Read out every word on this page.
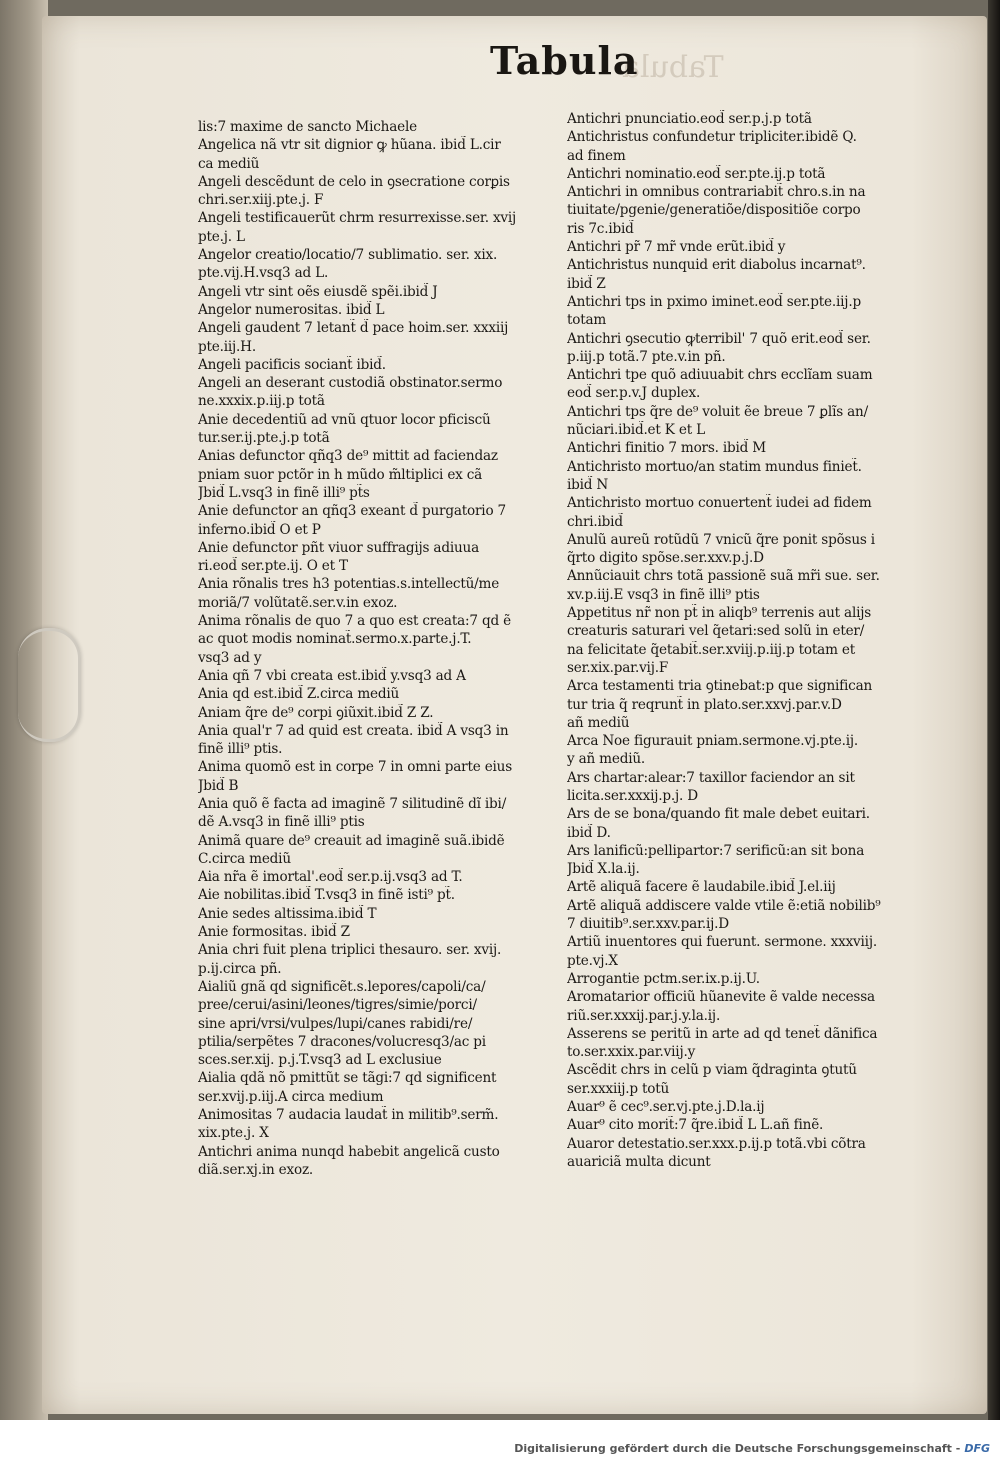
Tabula
Tabula
lis:7 maxime de sancto Michaele
Angelica nã vtr sit dignior ꝙ hũana. ibid̃ L.cir
ca mediũ
Angeli descẽdunt de celo in ꝯsecratione corꝑis
chri.ser.xiij.pte.j. F
Angeli testificauerũt chrm resurrexisse.ser. xvij
pte.j. L
Angelor creatio/locatio/7 sublimatio. ser. xix.
pte.vij.H.vsq3 ad L.
Angeli vtr sint oẽs eiusdẽ spẽi.ibid̃ J
Angelor numerositas. ibid̃ L
Angeli gaudent 7 letant̃ d̃ pace hoim.ser. xxxiij
pte.iij.H.
Angeli pacificis sociant̃ ibid̃.
Angeli an deserant custodiã obstinator.sermo
ne.xxxix.p.iij.p totã
Anie decedentiũ ad vnũ qtuor locor pficiscũ
tur.ser.ij.pte.j.p totã
Anias defunctor qñq3 de⁹ mittit ad faciendaz
pniam suor pctõr in h mũdo m̃ltiplici ex cã
Jbid̃ L.vsq3 in finẽ illi⁹ pt̃s
Anie defunctor an qñq3 exeant d̃ purgatorio 7
inferno.ibid̃ O et P
Anie defunctor pñt viuor suffragijs adiuua
ri.eod̃ ser.pte.ij. O et T
Ania rõnalis tres h3 potentias.s.intellectũ/me
moriã/7 volũtatẽ.ser.v.in exoz.
Anima rõnalis de quo 7 a quo est creata:7 qd ẽ
ac quot modis nominat̃.sermo.x.parte.j.T.
vsq3 ad y
Ania qñ 7 vbi creata est.ibid̃ y.vsq3 ad A
Ania qd est.ibid̃ Z.circa mediũ
Aniam q̃re de⁹ corpi ꝯiũxit.ibid̃ Z Z.
Ania qual'r 7 ad quid est creata. ibid̃ A vsq3 in
finẽ illi⁹ ptis.
Anima quomõ est in corpe 7 in omni parte eius
Jbid̃ B
Ania quõ ẽ facta ad imaginẽ 7 silitudinẽ dĩ ibi/
dẽ A.vsq3 in finẽ illi⁹ ptis
Animã quare de⁹ creauit ad imaginẽ suã.ibidẽ
C.circa mediũ
Aia nr̃a ẽ imortal'.eod̃ ser.p.ij.vsq3 ad T.
Aie nobilitas.ibid̃ T.vsq3 in finẽ isti⁹ pt̃.
Anie sedes altissima.ibid̃ T
Anie formositas. ibid̃ Z
Ania chri fuit plena triplici thesauro. ser. xvij.
p.ij.circa pñ.
Aialiũ gnã qd significẽt.s.lepores/capoli/ca/
pree/cerui/asini/leones/tigres/simie/porci/
sine apri/vrsi/vulpes/lupi/canes rabidi/re/
ptilia/serpẽtes 7 dracones/volucresq3/ac pi
sces.ser.xij. p.j.T.vsq3 ad L exclusiue
Aialia qdã nõ pmittũt se tãgi:7 qd significent
ser.xvij.p.iij.A circa medium
Animositas 7 audacia laudat̃ in militib⁹.serm̃.
xix.pte.j. X
Antichri anima nunqd habebit angelicã custo
diã.ser.xj.in exoz.
Antichri pnunciatio.eod̃ ser.p.j.p totã
Antichristus confundetur tripliciter.ibidẽ Q.
ad finem
Antichri nominatio.eod̃ ser.pte.ij.p totã
Antichri in omnibus contrariabit̃ chro.s.in na
tiuitate/pgenie/generatiõe/dispositiõe corpo
ris 7c.ibid̃
Antichri pr̃ 7 mr̃ vnde erũt.ibid̃ y
Antichristus nunquid erit diabolus incarnat⁹.
ibid̃ Z
Antichri tps in pximo iminet.eod̃ ser.pte.iij.p
totam
Antichri ꝯsecutio ꝙterribil' 7 quõ erit.eod̃ ser.
p.iij.p totã.7 pte.v.in pñ.
Antichri tpe quõ adiuuabit chrs ecclĩam suam
eod̃ ser.p.v.J duplex.
Antichri tps q̃re de⁹ voluit ẽe breue 7 ꝑlĩs an/
nũciari.ibid̃.et K et L
Antichri finitio 7 mors. ibid̃ M
Antichristo mortuo/an statim mundus finiet̃.
ibid̃ N
Antichristo mortuo conuertent̃ iudei ad fidem
chri.ibid̃
Anulũ aureũ rotũdũ 7 vnicũ q̃re ponit spõsus i
q̃rto digito spõse.ser.xxv.p.j.D
Annũciauit chrs totã passionẽ suã mr̃i sue. ser.
xv.p.iij.E vsq3 in finẽ illi⁹ ptis
Appetitus nr̃ non pt̃ in aliqb⁹ terrenis aut alijs
creaturis saturari vel q̃etari:sed solũ in eter/
na felicitate q̃etabit̃.ser.xviij.p.iij.p totam et
ser.xix.par.vij.F
Arca testamenti tria ꝯtinebat:p que significan
tur tria q̃ reqrunt̃ in plato.ser.xxvj.par.v.D
añ mediũ
Arca Noe figurauit pniam.sermone.vj.pte.ij.
y añ mediũ.
Ars chartar:alear:7 taxillor faciendor an sit
licita.ser.xxxij.p.j. D
Ars de se bona/quando fit male debet euitari.
ibid̃ D.
Ars lanificũ:pellipartor:7 serificũ:an sit bona
Jbid̃ X.la.ij.
Artẽ aliquã facere ẽ laudabile.ibid̃ J.el.iij
Artẽ aliquã addiscere valde vtile ẽ:etiã nobilib⁹
7 diuitib⁹.ser.xxv.par.ij.D
Artiũ inuentores qui fuerunt. sermone. xxxviij.
pte.vj.X
Arrogantie pctm.ser.ix.p.ij.U.
Aromatarior officiũ hũanevite ẽ valde necessa
riũ.ser.xxxij.par.j.y.la.ij.
Asserens se peritũ in arte ad qd tenet̃ dãnifica
to.ser.xxix.par.viij.y
Ascẽdit chrs in celũ p viam q̃draginta ꝯtutũ
ser.xxxiij.p totũ
Auar⁹ ẽ cec⁹.ser.vj.pte.j.D.la.ij
Auar⁹ cito morit̃:7 q̃re.ibid̃ L L.añ finẽ.
Auaror detestatio.ser.xxx.p.ij.p totã.vbi cõtra
auariciã multa dicunt
Digitalisierung gefördert durch die Deutsche Forschungsgemeinschaft - DFG
